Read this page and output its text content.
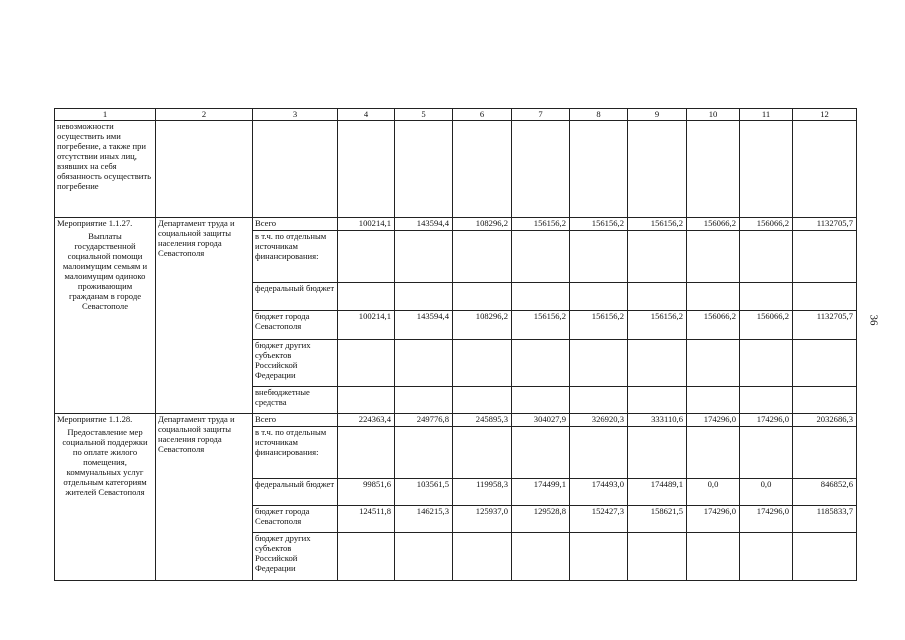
1	2	3	4	5	6	7	8	9	10	11	12
невозможности осуществить ими погребение, а также при отсутствии иных лиц, взявших на себя обязанность осуществить погребение											

Мероприятие 1.1.27.
Выплаты государственной социальной помощи малоимущим семьям и малоимущим одиноко проживающим гражданам в городе Севастополе	Департамент труда и социальной защиты населения города Севастополя	Всего	100214,1	143594,4	108296,2	156156,2	156156,2	156156,2	156066,2	156066,2	1132705,7
		в т.ч. по отдельным источникам финансирования:									
		федеральный бюджет									
		бюджет города Севастополя	100214,1	143594,4	108296,2	156156,2	156156,2	156156,2	156066,2	156066,2	1132705,7
		бюджет других субъектов Российской Федерации									
		внебюджетные средства									

Мероприятие 1.1.28.
Предоставление мер социальной поддержки по оплате жилого помещения, коммунальных услуг отдельным категориям жителей Севастополя	Департамент труда и социальной защиты населения города Севастополя	Всего	224363,4	249776,8	245895,3	304027,9	326920,3	333110,6	174296,0	174296,0	2032686,3
		в т.ч. по отдельным источникам финансирования:									
		федеральный бюджет	99851,6	103561,5	119958,3	174499,1	174493,0	174489,1	0,0	0,0	846852,6
		бюджет города Севастополя	124511,8	146215,3	125937,0	129528,8	152427,3	158621,5	174296,0	174296,0	1185833,7
		бюджет других субъектов Российской Федерации									
36
